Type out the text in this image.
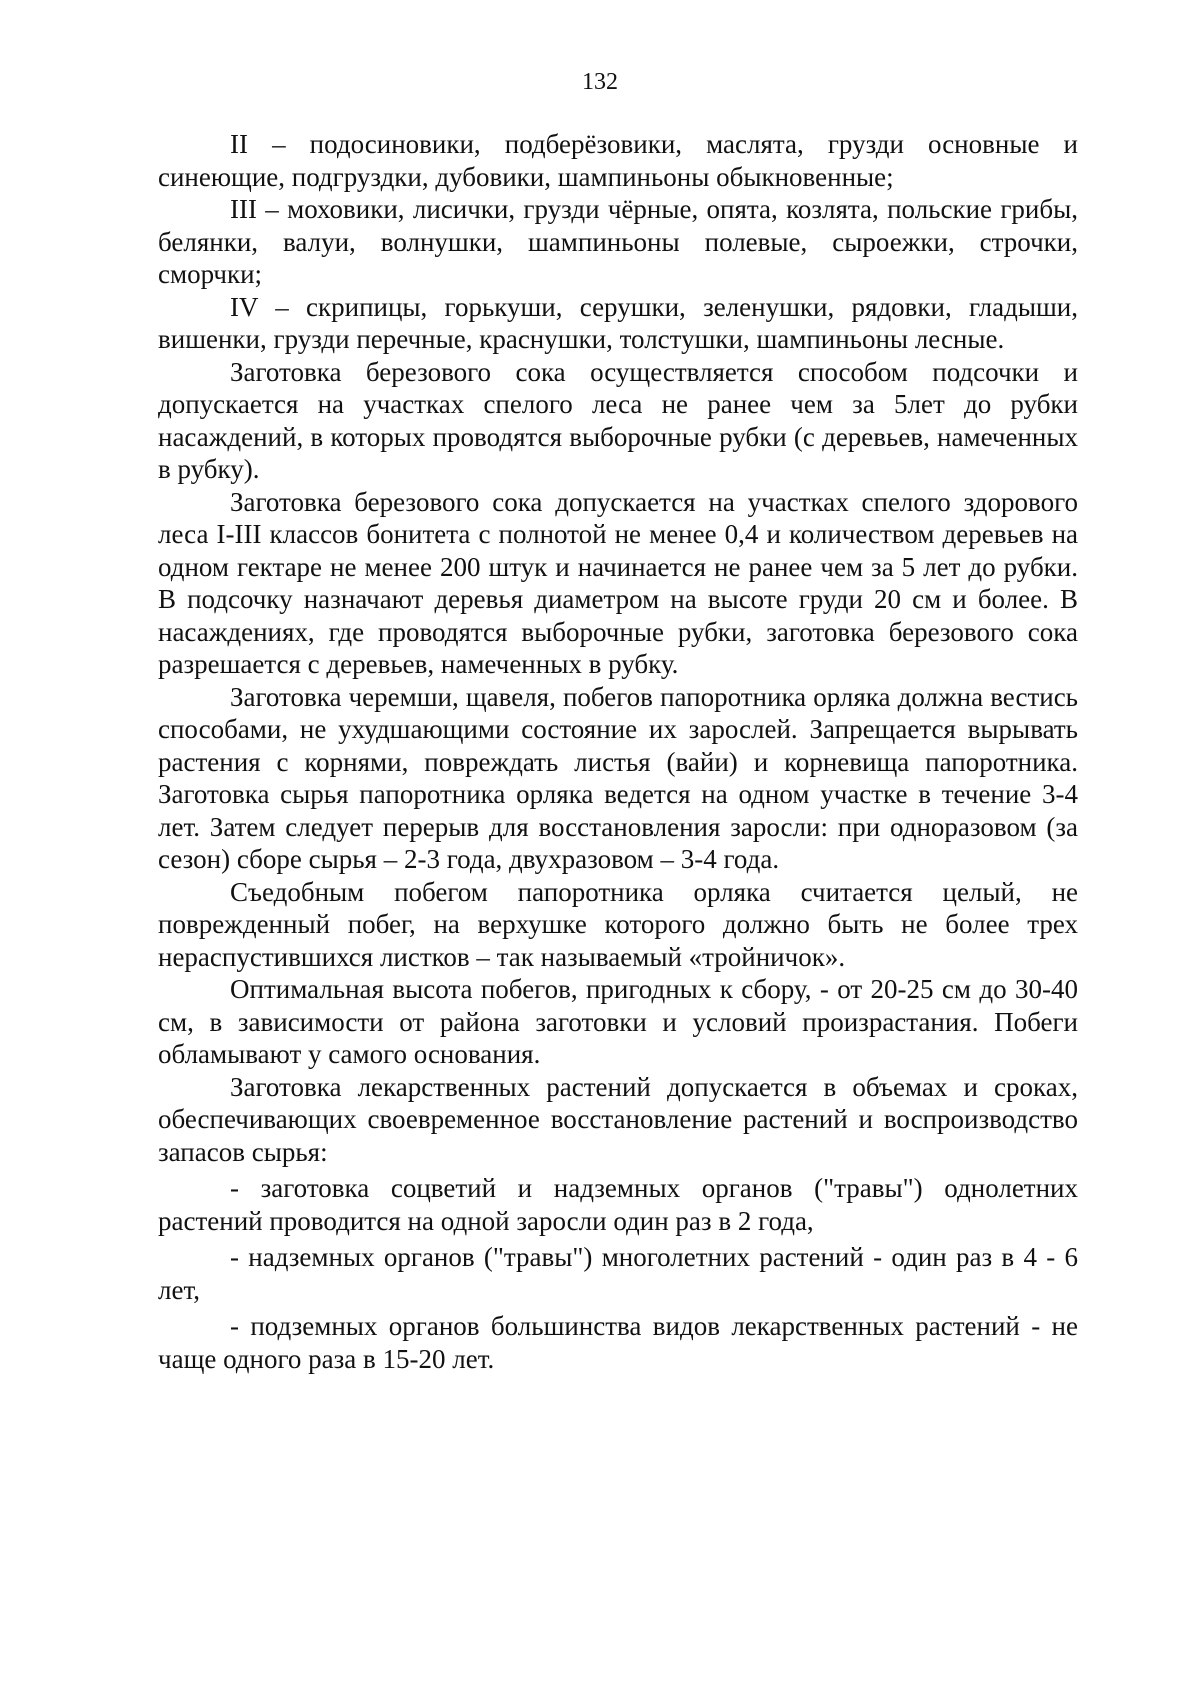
132

II – подосиновики, подберёзовики, маслята, грузди основные и синеющие, подгруздки, дубовики, шампиньоны обыкновенные;

III – моховики, лисички, грузди чёрные, опята, козлята, польские грибы, белянки, валуи, волнушки, шампиньоны полевые, сыроежки, строчки, сморчки;

IV – скрипицы, горькуши, серушки, зеленушки, рядовки, гладыши, вишенки, грузди перечные, краснушки, толстушки, шампиньоны лесные.

Заготовка березового сока осуществляется способом подсочки и допускается на участках спелого леса не ранее чем за 5лет до рубки насаждений, в которых проводятся выборочные рубки (с деревьев, намеченных в рубку).

Заготовка березового сока допускается на участках спелого здорового леса I-III классов бонитета с полнотой не менее 0,4 и количеством деревьев на одном гектаре не менее 200 штук и начинается не ранее чем за 5 лет до рубки. В подсочку назначают деревья диаметром на высоте груди 20 см и более. В насаждениях, где проводятся выборочные рубки, заготовка березового сока разрешается с деревьев, намеченных в рубку.

Заготовка черемши, щавеля, побегов папоротника орляка должна вестись способами, не ухудшающими состояние их зарослей. Запрещается вырывать растения с корнями, повреждать листья (вайи) и корневища папоротника. Заготовка сырья папоротника орляка ведется на одном участке в течение 3-4 лет. Затем следует перерыв для восстановления заросли: при одноразовом (за сезон) сборе сырья – 2-3 года, двухразовом – 3-4 года.

Съедобным побегом папоротника орляка считается целый, не поврежденный побег, на верхушке которого должно быть не более трех нераспустившихся листков – так называемый «тройничок».

Оптимальная высота побегов, пригодных к сбору, - от 20-25 см до 30-40 см, в зависимости от района заготовки и условий произрастания. Побеги обламывают у самого основания.

Заготовка лекарственных растений допускается в объемах и сроках, обеспечивающих своевременное восстановление растений и воспроизводство запасов сырья:

- заготовка соцветий и надземных органов ("травы") однолетних растений проводится на одной заросли один раз в 2 года,

- надземных органов ("травы") многолетних растений - один раз в 4 - 6 лет,

- подземных органов большинства видов лекарственных растений - не чаще одного раза в 15-20 лет.
